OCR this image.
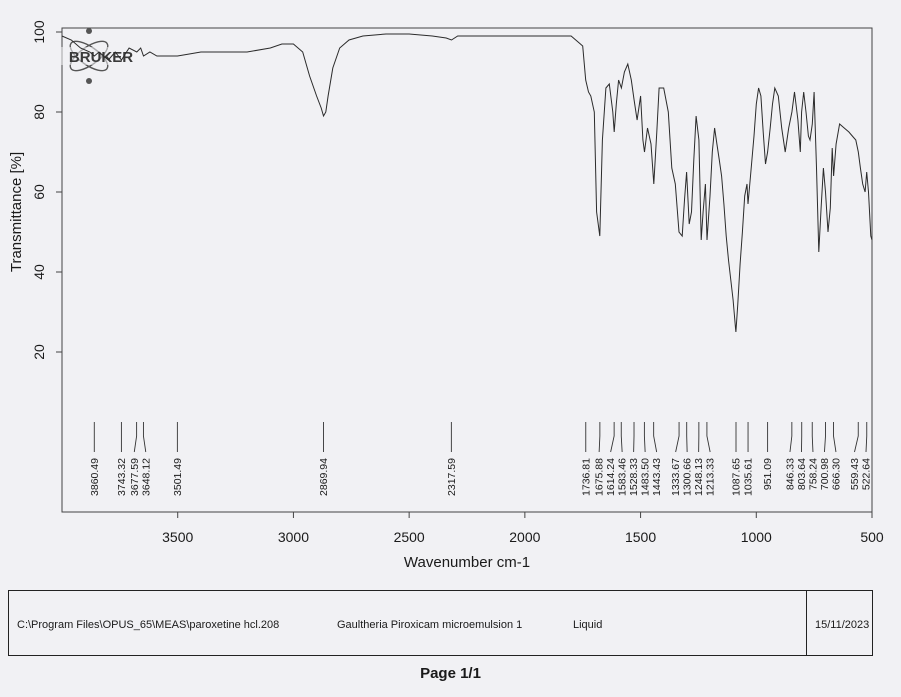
BRUKER
3500	3000	2500	2000	1500	1000	500
20
40
60
80
100
3860.49 3743.32 3677.59 3648.12 3501.49	2869.94	2317.59	1736.81 1675.88 1614.24 1583.46 1528.33 1483.50 1443.43 1333.67 1300.66 1248.13 1213.33 1087.65 1035.61 951.09 846.33 803.64 758.24 700.98 666.30 559.43 522.64
Wavenumber cm-1
Transmittance [%]
C:\Program Files\OPUS_65\MEAS\paroxetine hcl.208	Gaultheria Piroxicam microemulsion 1	Liquid	15/11/2023
Page 1/1
